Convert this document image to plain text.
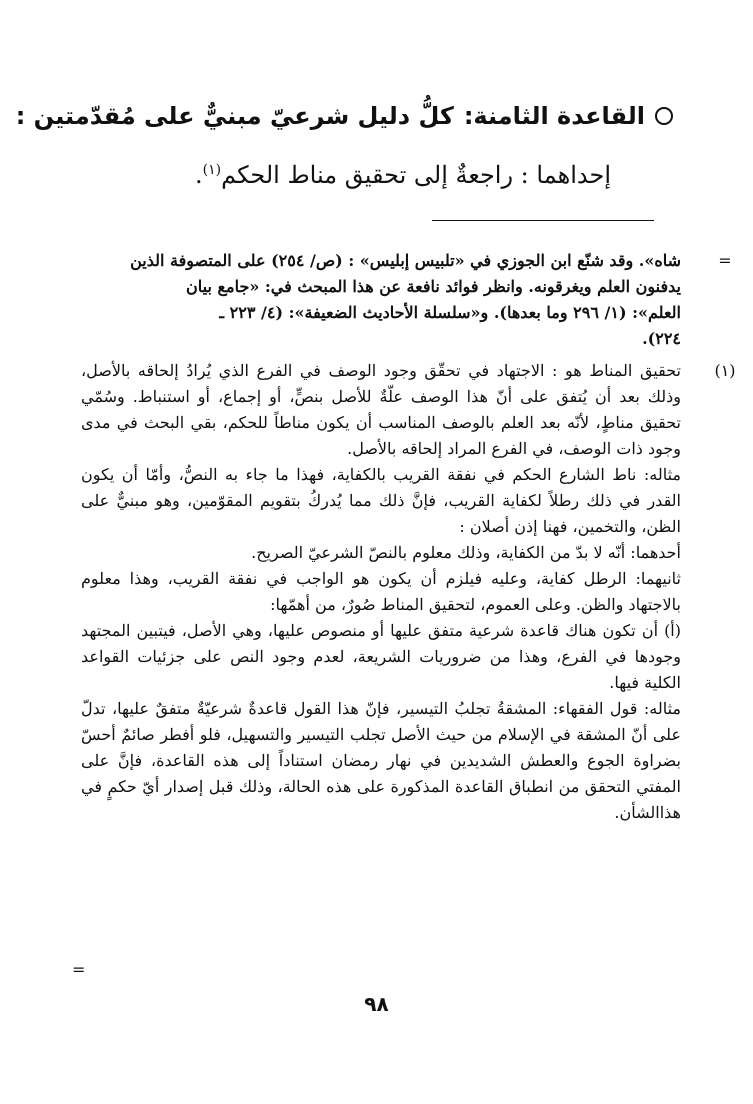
القاعدة الثامنة:
كلُّ دليل شرعيّ مبنيٌّ على مُقدّمتين :
إحداهما : راجعةٌ إلى تحقيق مناط الحكم$^{(١)}$.
=

شاه». وقد شنّع ابن الجوزي في «تلبيس إبليس» : (ص/ ٢٥٤) على المتصوفة الذين

يدفنون العلم ويغرقونه. وانظر فوائد نافعة عن هذا المبحث في: «جامع بيان

العلم»: (١/ ٢٩٦ وما بعدها). و«سلسلة الأحاديث الضعيفة»: (٤/ ٢٢٣ ـ

٢٢٤).

(١)

تحقيق المناط هو : الاجتهاد في تحقّق وجود الوصف في الفرع الذي يُرادُ إلحاقه بالأصل، وذلك بعد أن يُتفق على أنّ هذا الوصف علّةٌ للأصل بنصٍّ، أو إجماع، أو استنباط. وسُمّي تحقيق مناطٍ، لأنّه بعد العلم بالوصف المناسب أن يكون مناطاً للحكم، بقي البحث في مدى وجود ذات الوصف، في الفرع المراد إلحاقه بالأصل.

مثاله: ناط الشارع الحكم في نفقة القريب بالكفاية، فهذا ما جاء به النصُّ، وأمّا أن يكون القدر في ذلك رطلاً لكفاية القريب، فإنَّ ذلك مما يُدركُ بتقويم المقوّمين، وهو مبنيٌّ على الظن، والتخمين، فهنا إذن أصلان :

أحدهما: أنّه لا بدّ من الكفاية، وذلك معلوم بالنصّ الشرعيّ الصريح.

ثانيهما: الرطل كفاية، وعليه فيلزم أن يكون هو الواجب في نفقة القريب، وهذا معلوم بالاجتهاد والظن. وعلى العموم، لتحقيق المناط صُورٌ، من أهمّها:

(أ) أن تكون هناك قاعدة شرعية متفق عليها أو منصوص عليها، وهي الأصل، فيتبين المجتهد وجودها في الفرع، وهذا من ضروريات الشريعة، لعدم وجود النص على جزئيات القواعد الكلية فيها.

مثاله: قول الفقهاء: المشقةُ تجلبُ التيسير، فإنّ هذا القول قاعدةٌ شرعيّةٌ متفقٌ عليها، تدلّ على أنّ المشقة في الإسلام من حيث الأصل تجلب التيسير والتسهيل، فلو أفطر صائمٌ أحسّ بضراوة الجوع والعطش الشديدين في نهار رمضان استناداً إلى هذه القاعدة، فإنَّ على المفتي التحقق من انطباق القاعدة المذكورة على هذه الحالة، وذلك قبل إصدار أيّ حكمٍ في هذاالشأن.

=
٩٨
